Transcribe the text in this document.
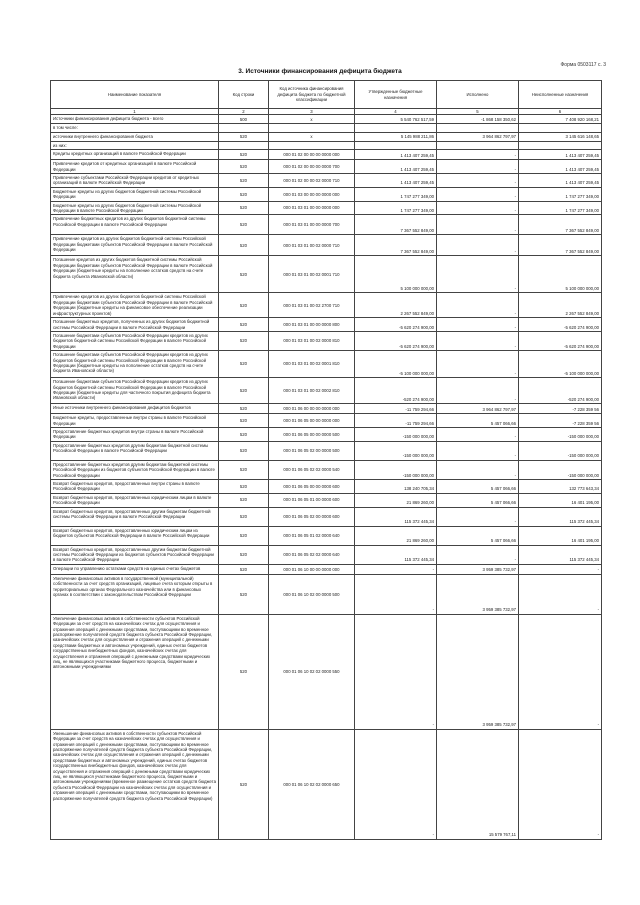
Форма 0503117 с. 3
3. Источники финансирования дефицита бюджета
Наименование показателя	Код строки	Код источника финансирования дефицита бюджета по бюджетной классификации	Утвержденные бюджетные назначения	Исполнено	Неисполненные назначения
1	2	3	4	5	6
Источники финансирования дефицита бюджета - всего	500	x	5 540 762 517,59	-1 868 158 350,62	7 408 920 168,21
в том числе:					
источники внутреннего финансирования бюджета	520	x	5 145 988 211,86	3 964 862 797,97	3 145 616 148,65
из них:					
Кредиты кредитных организаций в валюте Российской Федерации	520	000 01 02 00 00 00 0000 000	1 413 407 259,45	-	1 413 407 259,45
Привлечение кредитов от кредитных организаций в валюте Российской Федерации	520	000 01 02 00 00 00 0000 700	1 413 407 259,45	-	1 413 407 259,45
Привлечение субъектами Российской Федерации кредитов от кредитных организаций в валюте Российской Федерации	520	000 01 02 00 00 02 0000 710	1 413 407 259,45	-	1 413 407 259,45
Бюджетные кредиты из других бюджетов бюджетной системы Российской Федерации	520	000 01 03 00 00 00 0000 000	1 747 277 349,00	-	1 747 277 349,00
Бюджетные кредиты из других бюджетов бюджетной системы Российской Федерации в валюте Российской Федерации	520	000 01 03 01 00 00 0000 000	1 747 277 349,00	-	1 747 277 349,00
Привлечение бюджетных кредитов из других бюджетов бюджетной системы Российской Федерации в валюте Российской Федерации	520	000 01 03 01 00 00 0000 700	7 367 552 849,00	-	7 367 552 849,00
Привлечение кредитов из других бюджетов бюджетной системы Российской Федерации бюджетами субъектов Российской Федерации в валюте Российской Федерации	520	000 01 03 01 00 02 0000 710	7 367 552 849,00	-	7 367 552 849,00
Погашение кредитов из других бюджетов бюджетной системы Российской Федерации бюджетами субъектов Российской Федерации в валюте Российской Федерации (бюджетные кредиты на пополнение остатков средств на счете бюджета субъекта Ивановской области)	520	000 01 03 01 00 02 0001 710	5 100 000 000,00	-	5 100 000 000,00
Привлечение кредитов из других бюджетов бюджетной системы Российской Федерации бюджетами субъектов Российской Федерации в валюте Российской Федерации (бюджетные кредиты на финансовое обеспечение реализации инфраструктурных проектов)	520	000 01 03 01 00 02 2700 710	2 267 552 849,00	-	2 267 552 849,00
Погашение бюджетных кредитов, полученных из других бюджетов бюджетной системы Российской Федерации в валюте Российской Федерации	520	000 01 03 01 00 00 0000 800	-5 620 274 900,00	-	-5 620 274 900,00
Погашение бюджетами субъектов Российской Федерации кредитов из других бюджетов бюджетной системы Российской Федерации в валюте Российской Федерации	520	000 01 03 01 00 02 0000 810	-5 620 274 900,00	-	-5 620 274 900,00
Погашение бюджетами субъектов Российской Федерации кредитов из других бюджетов бюджетной системы Российской Федерации в валюте Российской Федерации (бюджетные кредиты на пополнение остатков средств на счете бюджета Ивановской области)	520	000 01 03 01 00 02 0001 810	-5 100 000 000,00	-	-5 100 000 000,00
Погашение бюджетами субъектов Российской Федерации кредитов из других бюджетов бюджетной системы Российской Федерации в валюте Российской Федерации (бюджетные кредиты для частичного покрытия дефицита бюджета Ивановской области)	520	000 01 03 01 00 02 0002 810	-520 274 900,00	-	-520 274 900,00
Иные источники внутреннего финансирования дефицитов бюджетов	520	000 01 06 00 00 00 0000 000	-11 759 294,66	3 964 862 797,97	-7 228 359 56
Бюджетные кредиты, предоставленные внутри страны в валюте Российской Федерации	520	000 01 06 05 00 00 0000 000	-11 759 294,66	5 457 066,66	-7 228 359 56
Предоставление бюджетных кредитов внутри страны в валюте Российской Федерации	520	000 01 06 05 00 00 0000 500	-150 000 000,00	-	-150 000 000,00
Предоставление бюджетных кредитов другим бюджетам бюджетной системы Российской Федерации в валюте Российской Федерации	520	000 01 06 05 02 00 0000 500	-150 000 000,00	-	-150 000 000,00
Предоставление бюджетных кредитов другим бюджетам бюджетной системы Российской Федерации из бюджетов субъектов Российской Федерации в валюте Российской Федерации	520	000 01 06 05 02 02 0000 540	-150 000 000,00	-	-150 000 000,00
Возврат бюджетных кредитов, предоставленных внутри страны в валюте Российской Федерации	520	000 01 06 05 00 00 0000 600	138 240 705,34	5 457 066,66	132 773 643,34
Возврат бюджетных кредитов, предоставленных юридическим лицам в валюте Российской Федерации	520	000 01 06 05 01 00 0000 600	21 869 260,00	5 457 066,66	16 401 195,00
Возврат бюджетных кредитов, предоставленных другим бюджетам бюджетной системы Российской Федерации в валюте Российской Федерации	520	000 01 06 05 02 00 0000 600	115 372 445,34	-	115 372 445,34
Возврат бюджетных кредитов, предоставленных юридическим лицам из бюджетов субъектов Российской Федерации в валюте Российской Федерации	520	000 01 06 05 01 02 0000 640	21 869 260,00	5 457 066,66	16 401 195,00
Возврат бюджетных кредитов, предоставленных другим бюджетам бюджетной системы Российской Федерации из бюджетов субъектов Российской Федерации в валюте Российской Федерации	520	000 01 06 05 02 02 0000 640	115 372 445,34	-	115 372 445,34
Операции по управлению остатками средств на единых счетах бюджетов	520	000 01 06 10 00 00 0000 000	-	3 959 385 732,97	-
Увеличение финансовых активов в государственной (муниципальной) собственности за счет средств организаций, лицевые счета которым открыты в территориальных органах Федерального казначейства или в финансовых органах в соответствии с законодательством Российской Федерации	520	000 01 06 10 02 00 0000 500	-	3 959 385 732,97	-
Увеличение финансовых активов в собственности субъектов Российской Федерации за счет средств на казначейских счетах для осуществления и отражения операций с денежными средствами, поступающими во временное распоряжение получателей средств бюджета субъекта Российской Федерации, казначейских счетах для осуществления и отражения операций с денежными средствами бюджетных и автономных учреждений, единых счетах бюджетов государственных внебюджетных фондов, казначейских счетах для осуществления и отражения операций с денежными средствами юридических лиц, не являющихся участниками бюджетного процесса, бюджетными и автономными учреждениями	520	000 01 06 10 02 02 0000 550	-	3 959 385 732,97	-
Уменьшение финансовых активов в собственности субъектов Российской Федерации за счет средств на казначейских счетах для осуществления и отражения операций с денежными средствами, поступающими во временное распоряжение получателей средств бюджета субъекта Российской Федерации, казначейских счетах для осуществления и отражения операций с денежными средствами бюджетных и автономных учреждений, единых счетах бюджетов государственных внебюджетных фондов, казначейских счетах для осуществления и отражения операций с денежными средствами юридических лиц, не являющихся участниками бюджетного процесса, бюджетными и автономными учреждениями (временное размещение остатков средств бюджета субъекта Российской Федерации на казначейских счетах для осуществления и отражения операций с денежными средствами, поступающими во временное распоряжение получателей средств бюджета субъекта Российской Федерации)	520	000 01 06 10 02 02 0000 650	-	15 579 767,11	-
